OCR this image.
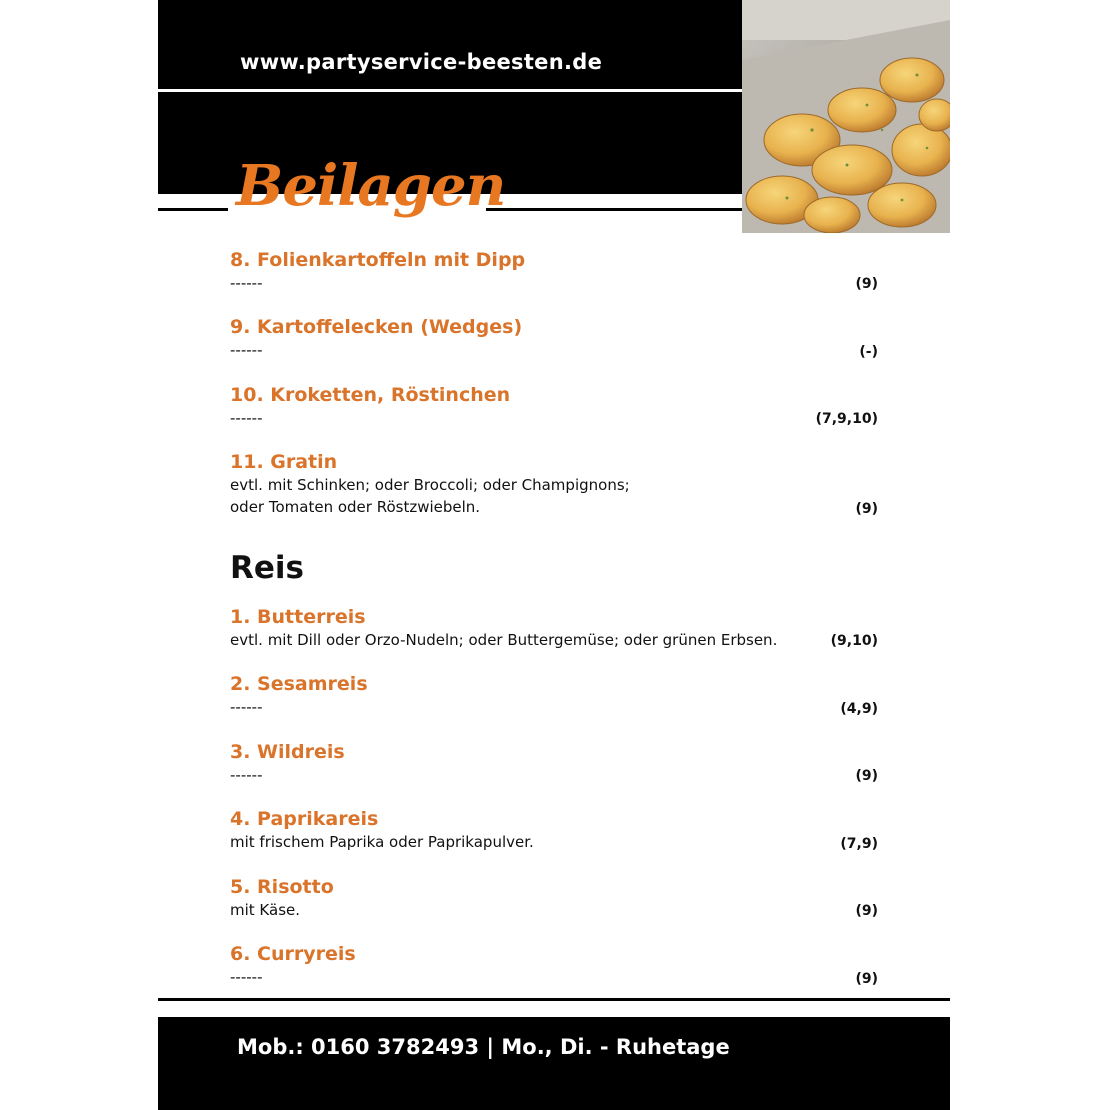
www.partyservice-beesten.de
Beilagen
8. Folienkartoffeln mit Dipp
------	(9)
9. Kartoffelecken (Wedges)
------	(-)
10. Kroketten, Röstinchen
------	(7,9,10)
11. Gratin
evtl. mit Schinken; oder Broccoli; oder Champignons; oder Tomaten oder Röstzwiebeln.	(9)
Reis
1. Butterreis
evtl. mit Dill oder Orzo-Nudeln; oder Buttergemüse; oder grünen Erbsen.	(9,10)
2. Sesamreis
------	(4,9)
3. Wildreis
------	(9)
4. Paprikareis
mit frischem Paprika oder Paprikapulver.	(7,9)
5. Risotto
mit Käse.	(9)
6. Curryreis
------	(9)
Mob.: 0160 3782493 | Mo., Di. - Ruhetage
